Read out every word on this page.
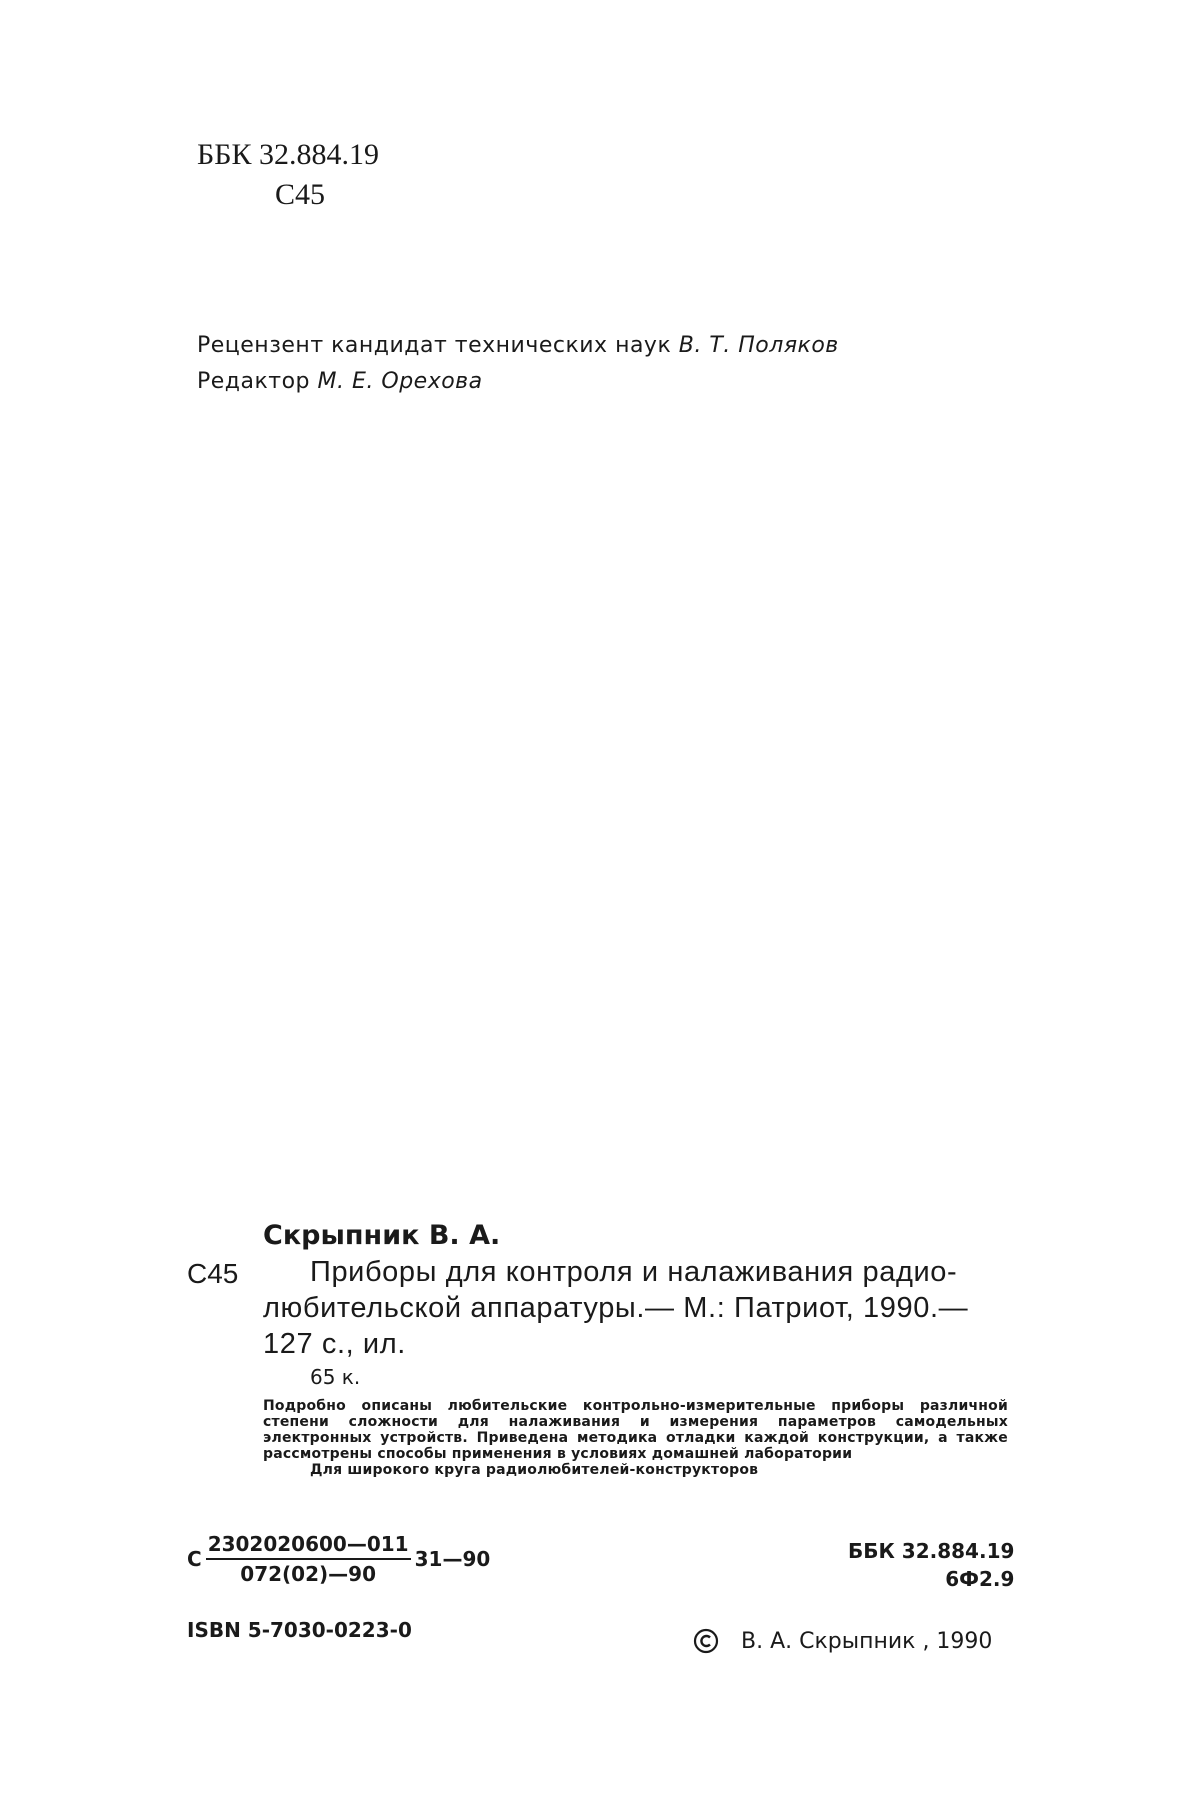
ББК 32.884.19
С45
Рецензент кандидат технических наук В. Т. Поляков
Редактор М. Е. Орехова
Скрыпник В. А.
С45 Приборы для контроля и налаживания радио-
любительской аппаратуры.— М.: Патриот, 1990.—
127 с., ил.
65 к.
Подробно описаны любительские контрольно-измерительные приборы различной степени сложности для налаживания и измерения параметров самодельных электронных устройств. Приведена методика отладки каждой конструкции, а также рассмотрены способы применения в условиях домашней лаборатории
Для широкого круга радиолюбителей-конструкторов
С $\frac{2302020600—011}{072(02)—90}$ 31—90	ББК 32.884.19
6Ф2.9
ISBN 5-7030-0223-0	В. А. Скрыпник , 1990
